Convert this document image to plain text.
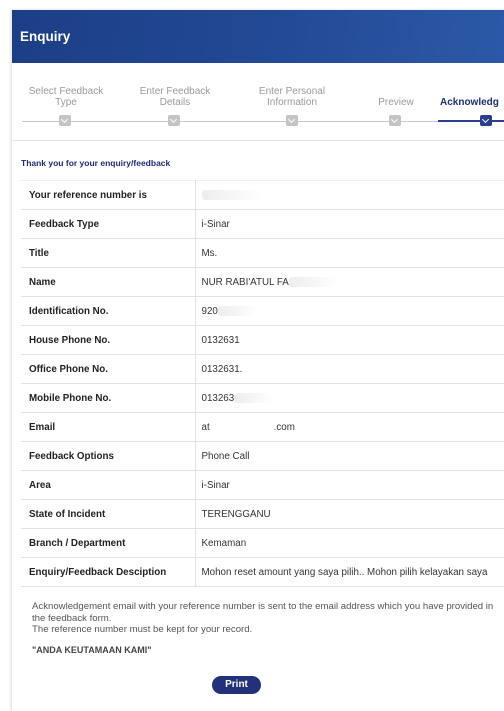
Enquiry
Select Feedback
Type
Enter Feedback
Details
Enter Personal
Information	Preview	Acknowledg
Thank you for your enquiry/feedback
Your reference number is	
Feedback Type	i-Sinar
Title	Ms.
Name	NUR RABI'ATUL FA
Identification No.	920
House Phone No.	0132631
Office Phone No.	0132631.
Mobile Phone No.	013263
Email	at .com
Feedback Options	Phone Call
Area	i-Sinar
State of Incident	TERENGGANU
Branch / Department	Kemaman
Enquiry/Feedback Desciption	Mohon reset amount yang saya pilih.. Mohon pilih kelayakan saya

Acknowledgement email with your reference number is sent to the email address which you have provided in

the feedback form.

The reference number must be kept for your record.

"ANDA KEUTAMAAN KAMI"
Print
